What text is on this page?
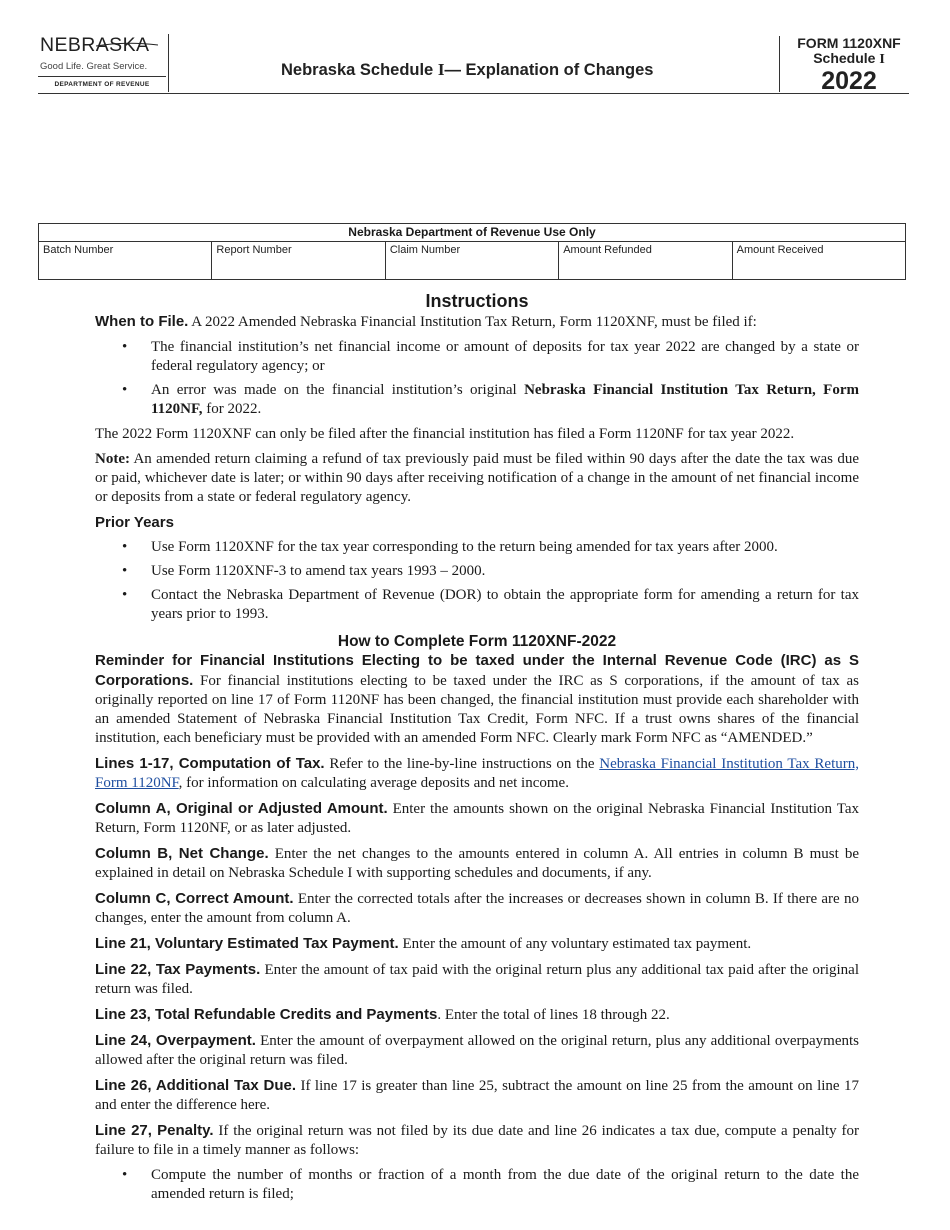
NEBRASKA
Good Life. Great Service.
DEPARTMENT OF REVENUE
Nebraska Schedule I— Explanation of Changes
FORM 1120XNF
Schedule I
2022
Nebraska Department of Revenue Use Only
Batch Number	Report Number	Claim Number	Amount Refunded	Amount Received
Instructions

When to File. A 2022 Amended Nebraska Financial Institution Tax Return, Form 1120XNF, must be filed if:

• The financial institution’s net financial income or amount of deposits for tax year 2022 are changed by a state or federal regulatory agency; or
• An error was made on the financial institution’s original Nebraska Financial Institution Tax Return, Form 1120NF, for 2022.

The 2022 Form 1120XNF can only be filed after the financial institution has filed a Form 1120NF for tax year 2022.

Note: An amended return claiming a refund of tax previously paid must be filed within 90 days after the date the tax was due or paid, whichever date is later; or within 90 days after receiving notification of a change in the amount of net financial income or deposits from a state or federal regulatory agency.

Prior Years
• Use Form 1120XNF for the tax year corresponding to the return being amended for tax years after 2000.
• Use Form 1120XNF-3 to amend tax years 1993 – 2000.
• Contact the Nebraska Department of Revenue (DOR) to obtain the appropriate form for amending a return for tax years prior to 1993.
How to Complete Form 1120XNF-2022

Reminder for Financial Institutions Electing to be taxed under the Internal Revenue Code (IRC) as S Corporations. For financial institutions electing to be taxed under the IRC as S corporations, if the amount of tax as originally reported on line 17 of Form 1120NF has been changed, the financial institution must provide each shareholder with an amended Statement of Nebraska Financial Institution Tax Credit, Form NFC. If a trust owns shares of the financial institution, each beneficiary must be provided with an amended Form NFC. Clearly mark Form NFC as “AMENDED.”

Lines 1-17, Computation of Tax. Refer to the line-by-line instructions on the Nebraska Financial Institution Tax Return, Form 1120NF, for information on calculating average deposits and net income.

Column A, Original or Adjusted Amount. Enter the amounts shown on the original Nebraska Financial Institution Tax Return, Form 1120NF, or as later adjusted.

Column B, Net Change. Enter the net changes to the amounts entered in column A. All entries in column B must be explained in detail on Nebraska Schedule I with supporting schedules and documents, if any.

Column C, Correct Amount. Enter the corrected totals after the increases or decreases shown in column B. If there are no changes, enter the amount from column A.

Line 21, Voluntary Estimated Tax Payment. Enter the amount of any voluntary estimated tax payment.

Line 22, Tax Payments. Enter the amount of tax paid with the original return plus any additional tax paid after the original return was filed.

Line 23, Total Refundable Credits and Payments. Enter the total of lines 18 through 22.

Line 24, Overpayment. Enter the amount of overpayment allowed on the original return, plus any additional overpayments allowed after the original return was filed.

Line 26, Additional Tax Due. If line 17 is greater than line 25, subtract the amount on line 25 from the amount on line 17 and enter the difference here.

Line 27, Penalty. If the original return was not filed by its due date and line 26 indicates a tax due, compute a penalty for failure to file in a timely manner as follows:

• Compute the number of months or fraction of a month from the due date of the original return to the date the amended return is filed;
